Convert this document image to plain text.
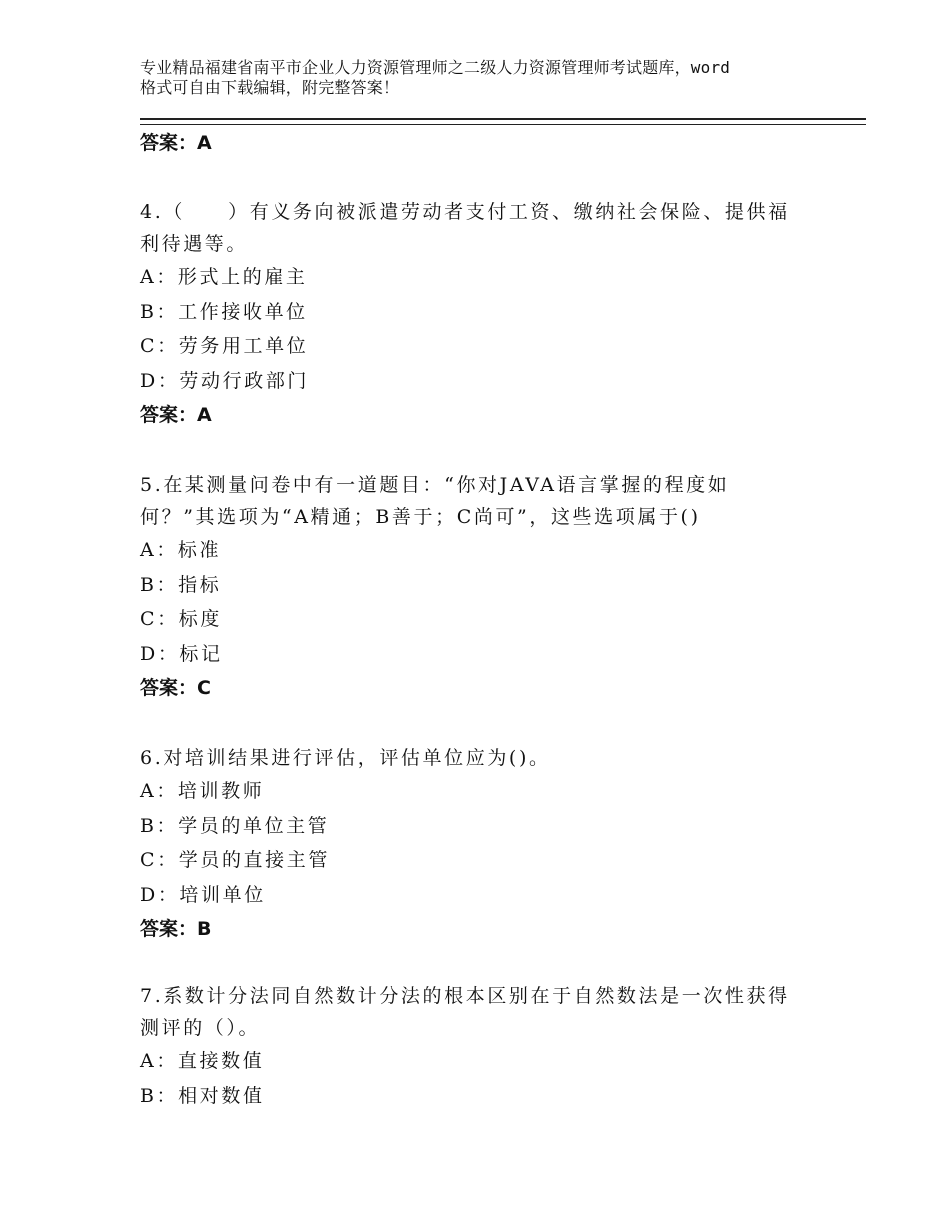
专业精品福建省南平市企业人力资源管理师之二级人力资源管理师考试题库，word
格式可自由下载编辑，附完整答案！
答案：A

4.（　　）有义务向被派遣劳动者支付工资、缴纳社会保险、提供福

利待遇等。

A：形式上的雇主

B：工作接收单位

C：劳务用工单位

D：劳动行政部门

答案：A

5.在某测量问卷中有一道题目：“你对JAVA语言掌握的程度如

何？”其选项为“A精通；B善于；C尚可”，这些选项属于()

A：标准

B：指标

C：标度

D：标记

答案：C

6.对培训结果进行评估，评估单位应为()。

A：培训教师

B：学员的单位主管

C：学员的直接主管

D：培训单位

答案：B

7.系数计分法同自然数计分法的根本区别在于自然数法是一次性获得

测评的（）。

A：直接数值

B：相对数值
